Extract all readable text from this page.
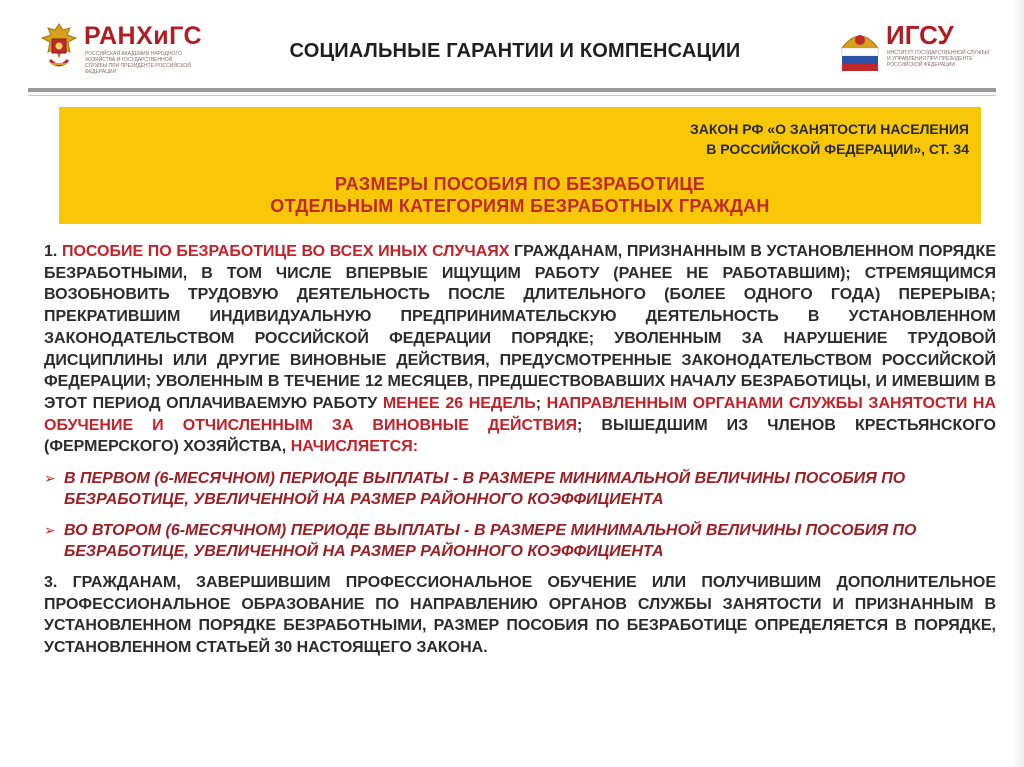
РАНХиГС
РОССИЙСКАЯ АКАДЕМИЯ НАРОДНОГО ХОЗЯЙСТВА И ГОСУДАРСТВЕННОЙ СЛУЖБЫ ПРИ ПРЕЗИДЕНТЕ РОССИЙСКОЙ ФЕДЕРАЦИИ
СОЦИАЛЬНЫЕ ГАРАНТИИ И КОМПЕНСАЦИИ
ИГСУ
ИНСТИТУТ ГОСУДАРСТВЕННОЙ СЛУЖБЫ И УПРАВЛЕНИЯ ПРИ ПРЕЗИДЕНТЕ РОССИЙСКОЙ ФЕДЕРАЦИИ
ЗАКОН РФ «О ЗАНЯТОСТИ НАСЕЛЕНИЯ
В РОССИЙСКОЙ ФЕДЕРАЦИИ», СТ. 34
РАЗМЕРЫ ПОСОБИЯ ПО БЕЗРАБОТИЦЕ
ОТДЕЛЬНЫМ КАТЕГОРИЯМ БЕЗРАБОТНЫХ ГРАЖДАН

1. ПОСОБИЕ ПО БЕЗРАБОТИЦЕ ВО ВСЕХ ИНЫХ СЛУЧАЯХ ГРАЖДАНАМ, ПРИЗНАННЫМ В УСТАНОВЛЕННОМ ПОРЯДКЕ БЕЗРАБОТНЫМИ, В ТОМ ЧИСЛЕ ВПЕРВЫЕ ИЩУЩИМ РАБОТУ (РАНЕЕ НЕ РАБОТАВШИМ); СТРЕМЯЩИМСЯ ВОЗОБНОВИТЬ ТРУДОВУЮ ДЕЯТЕЛЬНОСТЬ ПОСЛЕ ДЛИТЕЛЬНОГО (БОЛЕЕ ОДНОГО ГОДА) ПЕРЕРЫВА; ПРЕКРАТИВШИМ ИНДИВИДУАЛЬНУЮ ПРЕДПРИНИМАТЕЛЬСКУЮ ДЕЯТЕЛЬНОСТЬ В УСТАНОВЛЕННОМ ЗАКОНОДАТЕЛЬСТВОМ РОССИЙСКОЙ ФЕДЕРАЦИИ ПОРЯДКЕ; УВОЛЕННЫМ ЗА НАРУШЕНИЕ ТРУДОВОЙ ДИСЦИПЛИНЫ ИЛИ ДРУГИЕ ВИНОВНЫЕ ДЕЙСТВИЯ, ПРЕДУСМОТРЕННЫЕ ЗАКОНОДАТЕЛЬСТВОМ РОССИЙСКОЙ ФЕДЕРАЦИИ; УВОЛЕННЫМ В ТЕЧЕНИЕ 12 МЕСЯЦЕВ, ПРЕДШЕСТВОВАВШИХ НАЧАЛУ БЕЗРАБОТИЦЫ, И ИМЕВШИМ В ЭТОТ ПЕРИОД ОПЛАЧИВАЕМУЮ РАБОТУ МЕНЕЕ 26 НЕДЕЛЬ; НАПРАВЛЕННЫМ ОРГАНАМИ СЛУЖБЫ ЗАНЯТОСТИ НА ОБУЧЕНИЕ И ОТЧИСЛЕННЫМ ЗА ВИНОВНЫЕ ДЕЙСТВИЯ; ВЫШЕДШИМ ИЗ ЧЛЕНОВ КРЕСТЬЯНСКОГО (ФЕРМЕРСКОГО) ХОЗЯЙСТВА, НАЧИСЛЯЕТСЯ:

➢ В ПЕРВОМ (6-МЕСЯЧНОМ) ПЕРИОДЕ ВЫПЛАТЫ - В РАЗМЕРЕ МИНИМАЛЬНОЙ ВЕЛИЧИНЫ ПОСОБИЯ ПО БЕЗРАБОТИЦЕ, УВЕЛИЧЕННОЙ НА РАЗМЕР РАЙОННОГО КОЭФФИЦИЕНТА
➢ ВО ВТОРОМ (6-МЕСЯЧНОМ) ПЕРИОДЕ ВЫПЛАТЫ - В РАЗМЕРЕ МИНИМАЛЬНОЙ ВЕЛИЧИНЫ ПОСОБИЯ ПО БЕЗРАБОТИЦЕ, УВЕЛИЧЕННОЙ НА РАЗМЕР РАЙОННОГО КОЭФФИЦИЕНТА

3. ГРАЖДАНАМ, ЗАВЕРШИВШИМ ПРОФЕССИОНАЛЬНОЕ ОБУЧЕНИЕ ИЛИ ПОЛУЧИВШИМ ДОПОЛНИТЕЛЬНОЕ ПРОФЕССИОНАЛЬНОЕ ОБРАЗОВАНИЕ ПО НАПРАВЛЕНИЮ ОРГАНОВ СЛУЖБЫ ЗАНЯТОСТИ И ПРИЗНАННЫМ В УСТАНОВЛЕННОМ ПОРЯДКЕ БЕЗРАБОТНЫМИ, РАЗМЕР ПОСОБИЯ ПО БЕЗРАБОТИЦЕ ОПРЕДЕЛЯЕТСЯ В ПОРЯДКЕ, УСТАНОВЛЕННОМ СТАТЬЕЙ 30 НАСТОЯЩЕГО ЗАКОНА.
